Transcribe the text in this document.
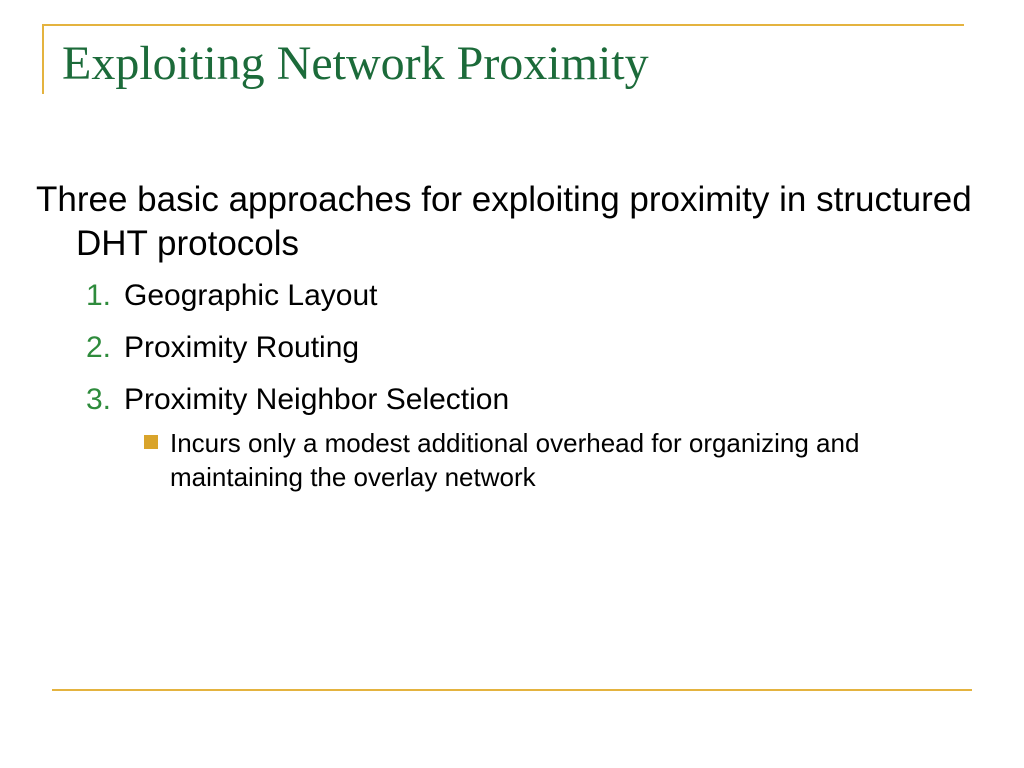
Exploiting Network Proximity

Three basic approaches for exploiting proximity in structured DHT protocols

1. Geographic Layout
2. Proximity Routing
3. Proximity Neighbor Selection
Incurs only a modest additional overhead for organizing and maintaining the overlay network
